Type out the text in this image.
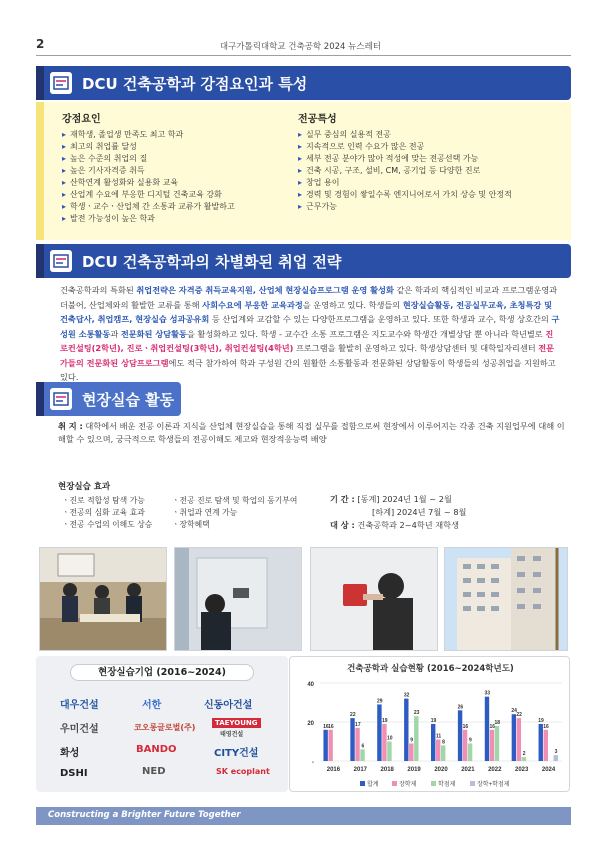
2	대구가톨릭대학교 건축공학 2024 뉴스레터
DCU 건축공학과 강점요인과 특성
강점요인
▸ 재학생, 졸업생 만족도 최고 학과
▸ 최고의 취업률 달성
▸ 높은 수준의 취업의 질
▸ 높은 기사자격증 취득
▸ 산학연계 활성화와 실용화 교육
▸ 산업계 수요에 부응한 디지털 건축교육 강화
▸ 학생ㆍ교수ㆍ산업체 간 소통과 교류가 활발하고
▸ 발전 가능성이 높은 학과
전공특성
▸ 실무 중심의 실용적 전공
▸ 지속적으로 인력 수요가 많은 전공
▸ 세부 전공 분야가 많아 적성에 맞는 전공선택 가능
▸ 건축 시공, 구조, 설비, CM, 공기업 등 다양한 진로
▸ 창업 용이
▸ 경력 및 경험이 쌓일수록 엔지니어로서 가치 상승 및 안정적
▸ 근무가능
DCU 건축공학과의 차별화된 취업 전략
건축공학과의 특화된 취업전략은 자격증 취득교육지원, 산업체 현장실습프로그램 운영 활성화 같은 학과의 핵심적인 비교과 프로그램운영과 더불어, 산업체와의 활발한 교류를 통해 사회수요에 부응한 교육과정을 운영하고 있다. 학생들의 현장실습활동, 전공실무교육, 초청특강 및 건축답사, 취업캠프, 현장실습 성과공유회 등 산업계와 교감할 수 있는 다양한프로그램을 운영하고 있다. 또한 학생과 교수, 학생 상호간의 구성원 소통활동과 전문화된 상담활동을 활성화하고 있다. 학생 - 교수간 소통 프로그램은 지도교수와 학생간 개별상담 뿐 아니라 학년별로 진로컨설팅(2학년), 진로ㆍ취업컨설팅(3학년), 취업컨설팅(4학년) 프로그램을 활발히 운영하고 있다. 학생상담센터 및 대학일자리센터 전문가들의 전문화된 상담프로그램에도 적극 참가하여 학과 구성원 간의 원활한 소통활동과 전문화된 상담활동이 학생들의 성공취업을 지원하고 있다.
현장실습 활동
취 지 : 대학에서 배운 전공 이론과 지식을 산업체 현장실습을 통해 직접 실무를 접함으로써 현장에서 이루어지는 각종 건축 지원업무에 대해 이해할 수 있으며, 궁극적으로 학생들의 전공이해도 제고와 현장적응능력 배양
현장실습 효과
ㆍ진로 적합성 탐색 가능
ㆍ전공의 심화 교육 효과
ㆍ전공 수업의 이해도 상승
ㆍ전공 진로 탐색 및 학업의 동기부여
ㆍ취업과 연계 가능
ㆍ장학혜택
기 간 : [동계] 2024년 1월 ~ 2월
[하계] 2024년 7월 ~ 8월
대 상 : 건축공학과 2~4학년 재학생
현장실습기업 (2016~2024)
대우건설	서한	신동아건설
우미건설	코오롱글로벌(주)	TAEYOUNG
태영건설
화성	BANDO	CITY건설
DSHI	NED	SK ecoplant
건축공학과 실습현황 (2016~2024학년도)
40
20
-
16 16
2016
22
17
6
2017
29
19
10
2018
32
9
23
2019
19
11
8
2020
26
16
9
2021
33
16
18
2022
24
22
2
2023
19
16
3
2024
합계	장학제	학점제	장학+학점제
Constructing a Brighter Future Together
